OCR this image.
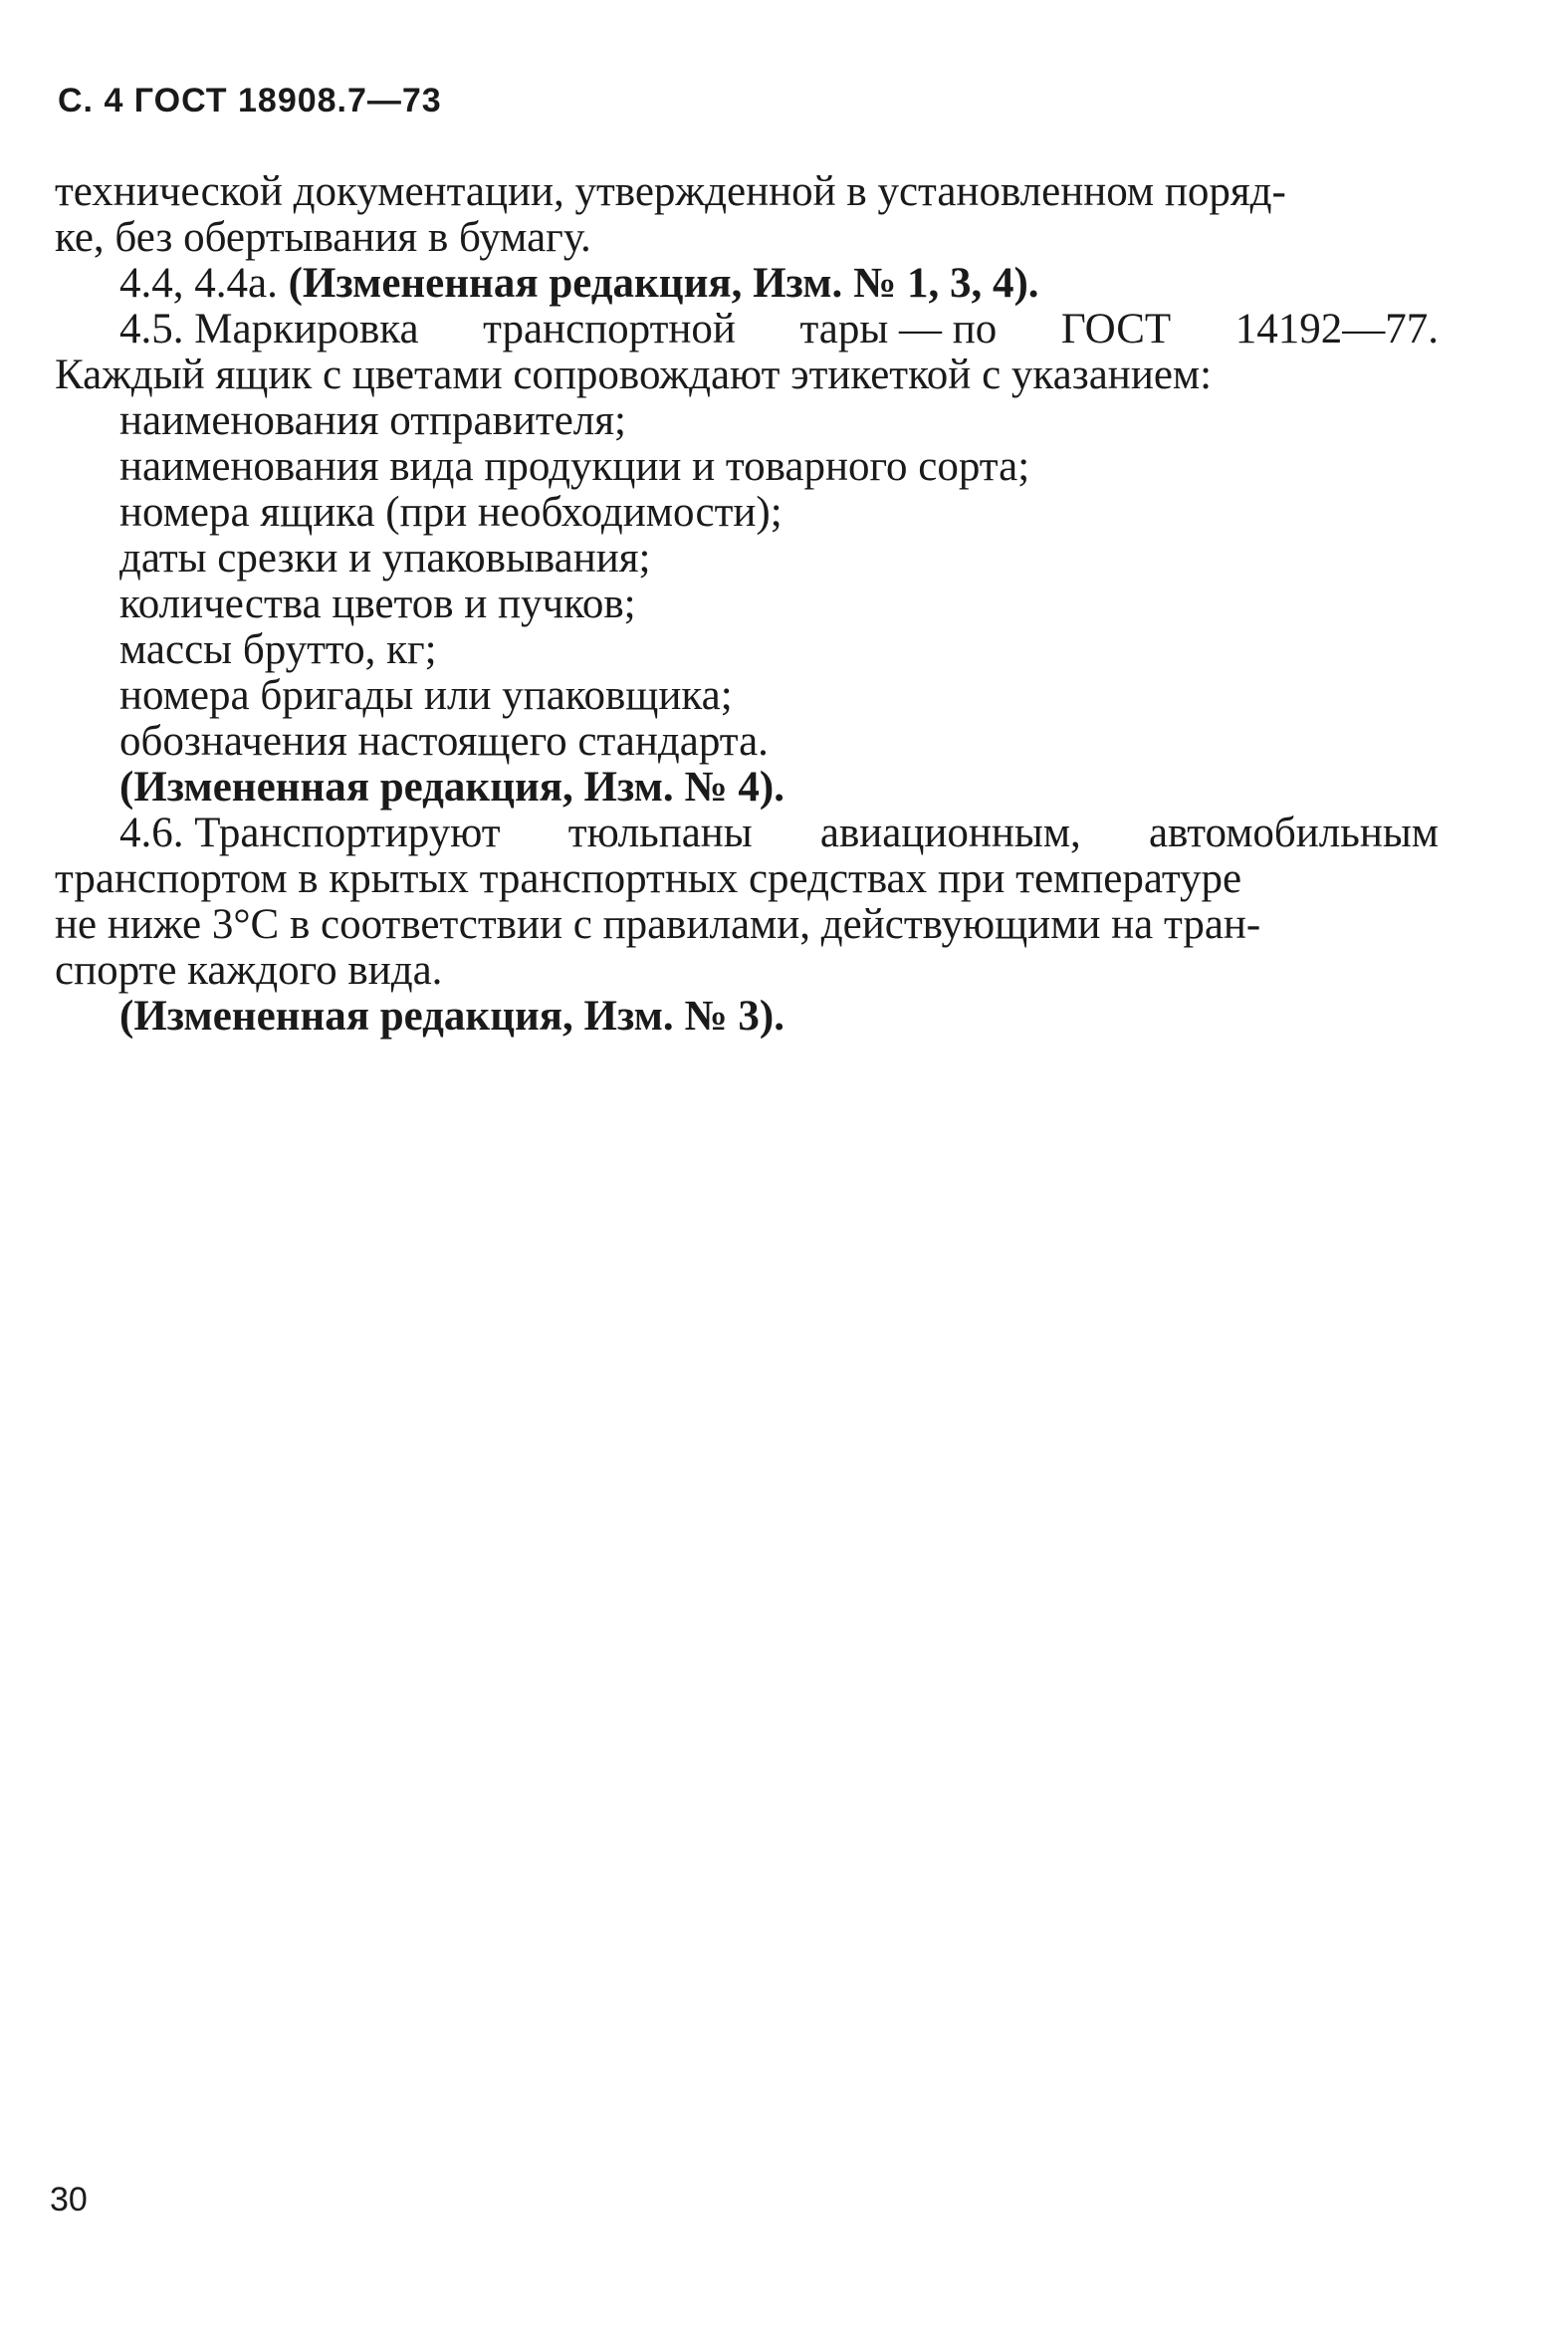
С. 4 ГОСТ 18908.7—73
технической документации, утвержденной в установленном поряд-
ке, без обертывания в бумагу.
4.4, 4.4а. (Измененная редакция, Изм. № 1, 3, 4).
4.5. Маркировка транспортной тары — по ГОСТ 14192—77.
Каждый ящик с цветами сопровождают этикеткой с указанием:
наименования отправителя;
наименования вида продукции и товарного сорта;
номера ящика (при необходимости);
даты срезки и упаковывания;
количества цветов и пучков;
массы брутто, кг;
номера бригады или упаковщика;
обозначения настоящего стандарта.
(Измененная редакция, Изм. № 4).
4.6. Транспортируют тюльпаны авиационным, автомобильным
транспортом в крытых транспортных средствах при температуре
не ниже 3°С в соответствии с правилами, действующими на тран-
спорте каждого вида.
(Измененная редакция, Изм. № 3).
30
